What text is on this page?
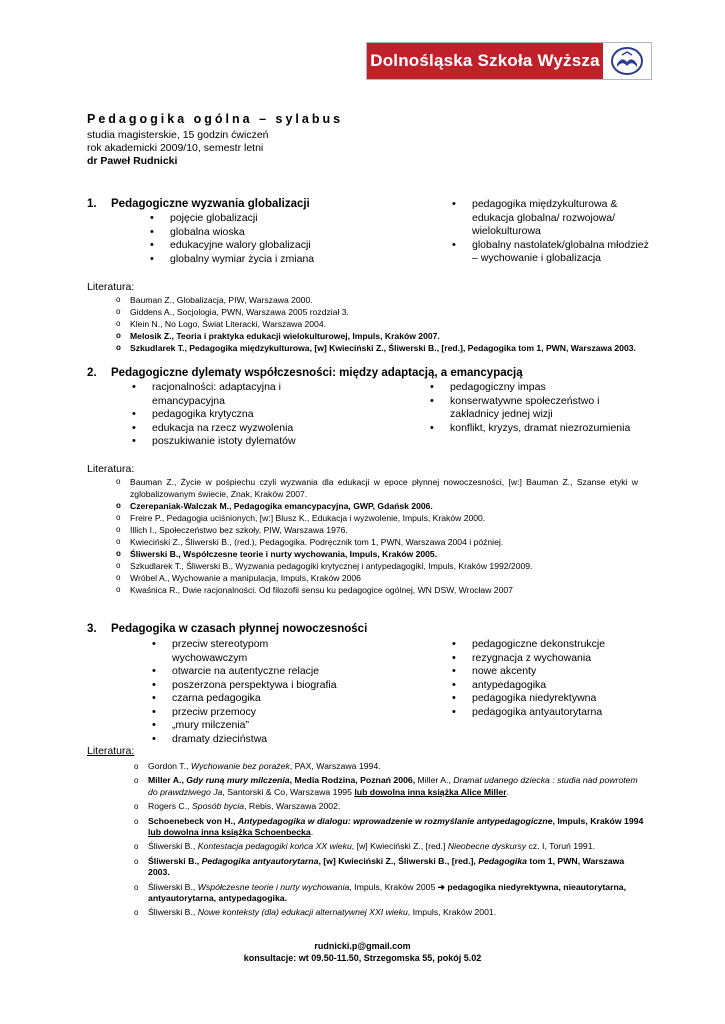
Dolnośląska Szkoła Wyższa
Pedagogika ogólna – sylabus
studia magisterskie, 15 godzin ćwiczeń
rok akademicki 2009/10, semestr letni
dr Paweł Rudnicki
1.	Pedagogiczne wyzwania globalizacji
• pojęcie globalizacji
• globalna wioska
• edukacyjne walory globalizacji
• globalny wymiar życia i zmiana
• pedagogika międzykulturowa & edukacja globalna/ rozwojowa/ wielokulturowa
• globalny nastolatek/globalna młodzież – wychowanie i globalizacja
Literatura:
o Bauman Z., Globalizacja, PIW, Warszawa 2000.
o Giddens A., Socjologia, PWN, Warszawa 2005 rozdział 3.
o Klein N., No Logo, Świat Literacki, Warszawa 2004.
o Melosik Z., Teoria i praktyka edukacji wielokulturowej, Impuls, Kraków 2007.
o Szkudlarek T., Pedagogika międzykulturowa, [w] Kwieciński Z., Śliwerski B., [red.], Pedagogika tom 1, PWN, Warszawa 2003.
2.	Pedagogiczne dylematy współczesności: między adaptacją, a emancypacją
• racjonalności: adaptacyjna i emancypacyjna
• pedagogika krytyczna
• edukacja na rzecz wyzwolenia
• poszukiwanie istoty dylematów
• pedagogiczny impas
• konserwatywne społeczeństwo i zakładnicy jednej wizji
• konflikt, kryzys, dramat niezrozumienia
Literatura:
o Bauman Z., Życie w pośpiechu czyli wyzwania dla edukacji w epoce płynnej nowoczesności, [w:] Bauman Z., Szanse etyki w zglobalizowanym świecie, Znak, Kraków 2007.
o Czerepaniak-Walczak M., Pedagogika emancypacyjna, GWP, Gdańsk 2006.
o Freire P., Pedagogia uciśnionych, [w:] Blusz K., Edukacja i wyzwolenie, Impuls, Kraków 2000.
o Illich I., Społeczeństwo bez szkoły, PIW, Warszawa 1976.
o Kwieciński Z., Śliwerski B., (red.), Pedagogika. Podręcznik tom 1, PWN, Warszawa 2004 i później.
o Śliwerski B., Współczesne teorie i nurty wychowania, Impuls, Kraków 2005.
o Szkudlarek T., Śliwerski B., Wyzwania pedagogiki krytycznej i antypedagogiki, Impuls, Kraków 1992/2009.
o Wróbel A., Wychowanie a manipulacja, Impuls, Kraków 2006
o Kwaśnica R., Dwie racjonalności. Od filozofii sensu ku pedagogice ogólnej, WN DSW, Wrocław 2007
3.	Pedagogika w czasach płynnej nowoczesności
• przeciw stereotypom wychowawczym
• otwarcie na autentyczne relacje
• poszerzona perspektywa i biografia
• czarna pedagogika
• przeciw przemocy
• „mury milczenia”
• dramaty dzieciństwa
• pedagogiczne dekonstrukcje
• rezygnacja z wychowania
• nowe akcenty
• antypedagogika
• pedagogika niedyrektywna
• pedagogika antyautorytarna
Literatura:
o Gordon T., Wychowanie bez porażek, PAX, Warszawa 1994.
o Miller A., Gdy runą mury milczenia, Media Rodzina, Poznań 2006, Miller A., Dramat udanego dziecka : studia nad powrotem do prawdziwego Ja, Santorski & Co, Warszawa 1995 lub dowolna inna książka Alice Miller.
o Rogers C., Sposób bycia, Rebis, Warszawa 2002.
o Schoenebeck von H., Antypedagogika w dialogu: wprowadzenie w rozmyślanie antypedagogiczne, Impuls, Kraków 1994 lub dowolna inna książka Schoenbecka.
o Śliwerski B., Kontestacja pedagogiki końca XX wieku, [w] Kwieciński Z., [red.] Nieobecne dyskursy cz. I, Toruń 1991.
o Śliwerski B., Pedagogika antyautorytarna, [w] Kwieciński Z., Śliwerski B., [red.], Pedagogika tom 1, PWN, Warszawa 2003.
o Śliwerski B., Współczesne teorie i nurty wychowania, Impuls, Kraków 2005 ➔ pedagogika niedyrektywna, nieautorytarna, antyautorytarna, antypedagogika.
o Śliwerski B., Nowe konteksty (dla) edukacji alternatywnej XXI wieku, Impuls, Kraków 2001.
rudnicki.p@gmail.com
konsultacje: wt 09.50-11.50, Strzegomska 55, pokój 5.02
